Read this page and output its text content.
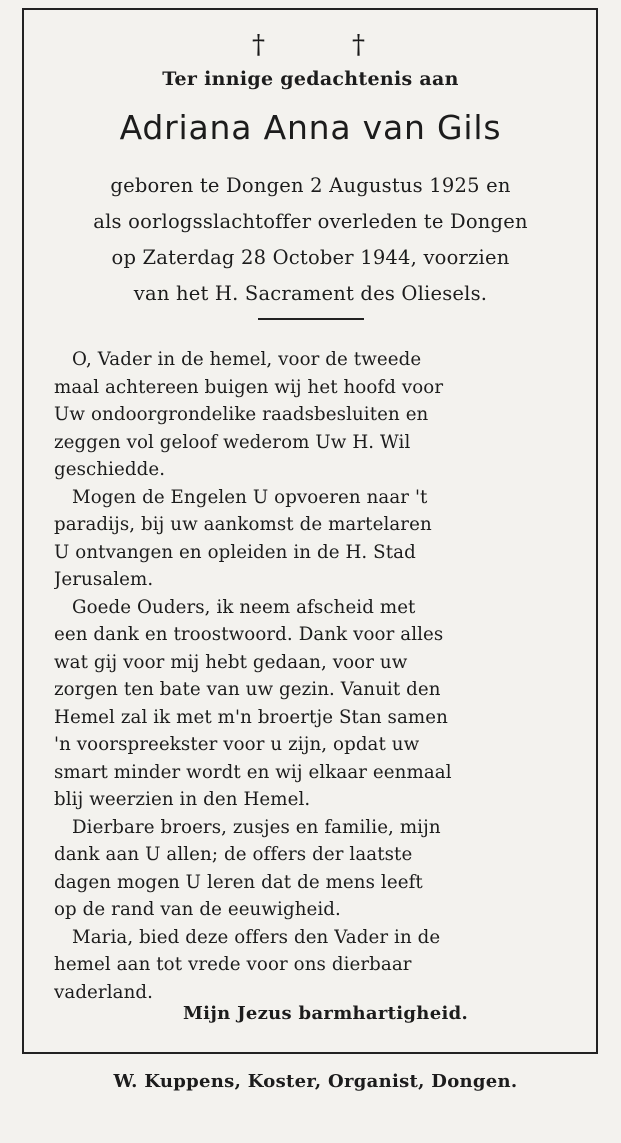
†	†
Ter innige gedachtenis aan
Adriana Anna van Gils
geboren te Dongen 2 Augustus 1925 en
als oorlogsslachtoffer overleden te Dongen
op Zaterdag 28 October 1944, voorzien
van het H. Sacrament des Oliesels.
O, Vader in de hemel, voor de tweede
maal achtereen buigen wij het hoofd voor
Uw ondoorgrondelike raadsbesluiten en
zeggen vol geloof wederom Uw H. Wil
geschiedde.
Mogen de Engelen U opvoeren naar 't
paradijs, bij uw aankomst de martelaren
U ontvangen en opleiden in de H. Stad
Jerusalem.
Goede Ouders, ik neem afscheid met
een dank en troostwoord. Dank voor alles
wat gij voor mij hebt gedaan, voor uw
zorgen ten bate van uw gezin. Vanuit den
Hemel zal ik met m'n broertje Stan samen
'n voorspreekster voor u zijn, opdat uw
smart minder wordt en wij elkaar eenmaal
blij weerzien in den Hemel.
Dierbare broers, zusjes en familie, mijn
dank aan U allen; de offers der laatste
dagen mogen U leren dat de mens leeft
op de rand van de eeuwigheid.
Maria, bied deze offers den Vader in de
hemel aan tot vrede voor ons dierbaar
vaderland.
Mijn Jezus barmhartigheid.
W. Kuppens, Koster, Organist, Dongen.
